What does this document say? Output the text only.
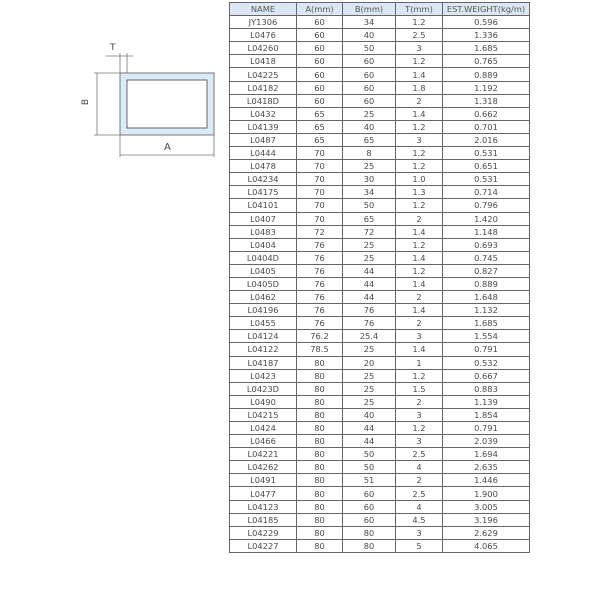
T
B
A
NAME	A(mm)	B(mm)	T(mm)	EST.WEIGHT(kg/m)
JY1306	60	34	1.2	0.596
L0476	60	40	2.5	1.336
L04260	60	50	3	1.685
L0418	60	60	1.2	0.765
L04225	60	60	1.4	0.889
L04182	60	60	1.8	1.192
L0418D	60	60	2	1.318
L0432	65	25	1.4	0.662
L04139	65	40	1.2	0.701
L0487	65	65	3	2.016
L0444	70	8	1.2	0.531
L0478	70	25	1.2	0.651
L04234	70	30	1.0	0.531
L04175	70	34	1.3	0.714
L04101	70	50	1.2	0.796
L0407	70	65	2	1.420
L0483	72	72	1.4	1.148
L0404	76	25	1.2	0.693
L0404D	76	25	1.4	0.745
L0405	76	44	1.2	0.827
L0405D	76	44	1.4	0.889
L0462	76	44	2	1.648
L04196	76	76	1.4	1.132
L0455	76	76	2	1.685
L04124	76.2	25.4	3	1.554
L04122	78.5	25	1.4	0.791
L04187	80	20	1	0.532
L0423	80	25	1.2	0.667
L0423D	80	25	1.5	0.883
L0490	80	25	2	1.139
L04215	80	40	3	1.854
L0424	80	44	1.2	0.791
L0466	80	44	3	2.039
L04221	80	50	2.5	1.694
L04262	80	50	4	2.635
L0491	80	51	2	1.446
L0477	80	60	2.5	1.900
L04123	80	60	4	3.005
L04185	80	60	4.5	3.196
L04229	80	80	3	2.629
L04227	80	80	5	4.065
